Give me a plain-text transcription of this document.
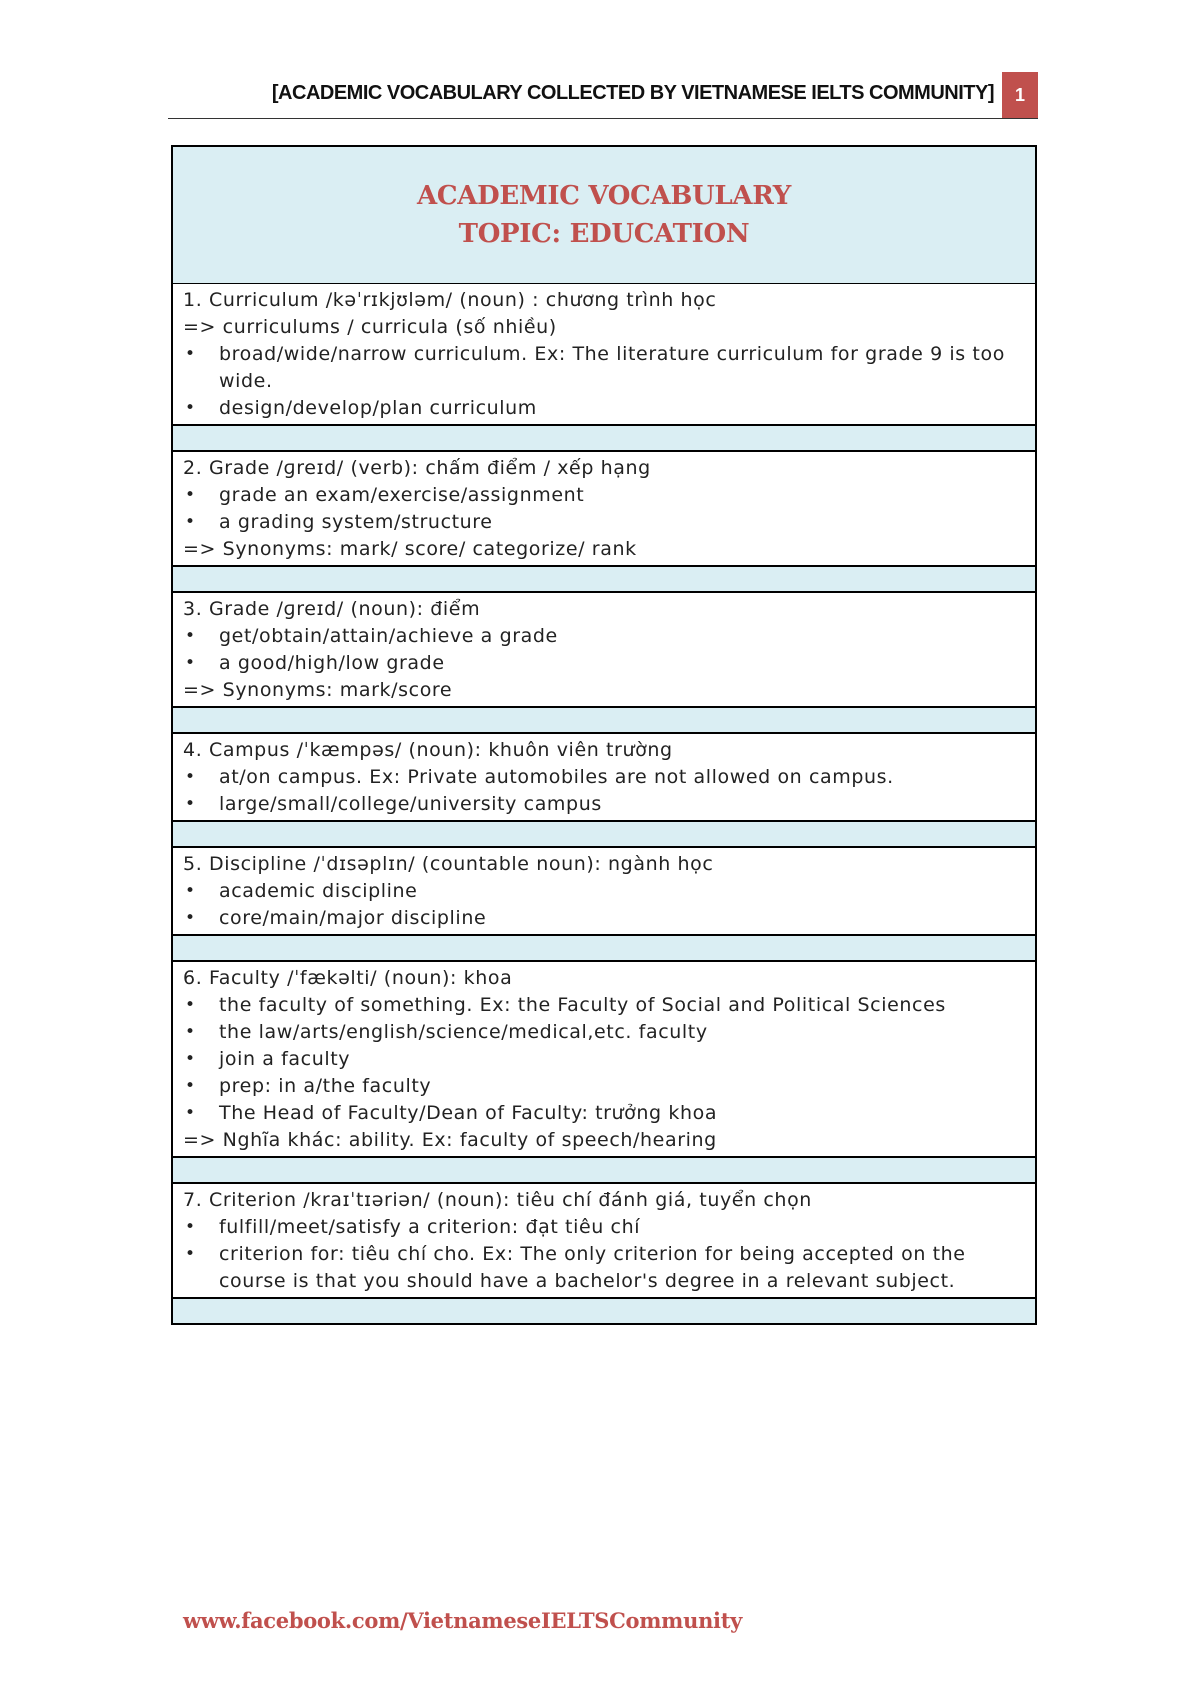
[ACADEMIC VOCABULARY COLLECTED BY VIETNAMESE IELTS COMMUNITY]	1
ACADEMIC VOCABULARY
TOPIC: EDUCATION
1. Curriculum /kəˈrɪkjʊləm/ (noun) : chương trình học
=> curriculums / curricula (số nhiều)
• broad/wide/narrow curriculum. Ex: The literature curriculum for grade 9 is too wide.
• design/develop/plan curriculum
2. Grade /ɡreɪd/ (verb): chấm điểm / xếp hạng
• grade an exam/exercise/assignment
• a grading system/structure
=> Synonyms: mark/ score/ categorize/ rank
3. Grade /ɡreɪd/ (noun): điểm
• get/obtain/attain/achieve a grade
• a good/high/low grade
=> Synonyms: mark/score
4. Campus /ˈkæmpəs/ (noun): khuôn viên trường
• at/on campus. Ex: Private automobiles are not allowed on campus.
• large/small/college/university campus
5. Discipline /ˈdɪsəplɪn/ (countable noun): ngành học
• academic discipline
• core/main/major discipline
6. Faculty /ˈfækəlti/ (noun): khoa
• the faculty of something. Ex: the Faculty of Social and Political Sciences
• the law/arts/english/science/medical,etc. faculty
• join a faculty
• prep: in a/the faculty
• The Head of Faculty/Dean of Faculty: trưởng khoa
=> Nghĩa khác: ability. Ex: faculty of speech/hearing
7. Criterion /kraɪˈtɪəriən/ (noun): tiêu chí đánh giá, tuyển chọn
• fulfill/meet/satisfy a criterion: đạt tiêu chí
• criterion for: tiêu chí cho. Ex: The only criterion for being accepted on the course is that you should have a bachelor's degree in a relevant subject.
www.facebook.com/VietnameseIELTSCommunity
